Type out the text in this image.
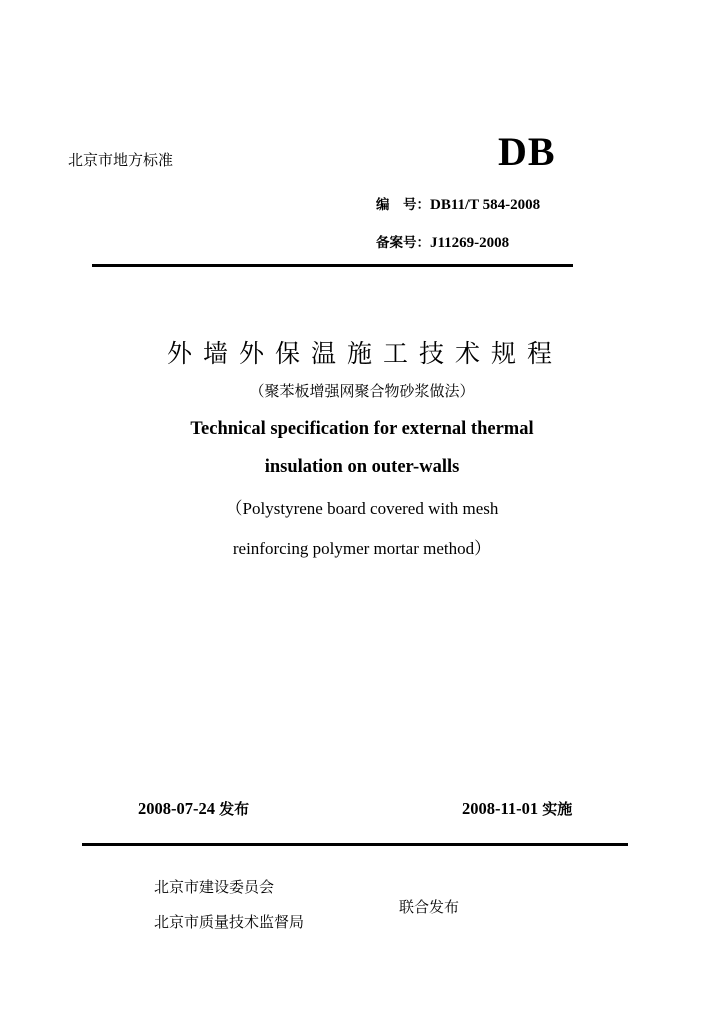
北京市地方标准	DB
编　号：DB11/T 584-2008
备案号：J11269-2008
外墙外保温施工技术规程
（聚苯板增强网聚合物砂浆做法）
Technical specification for external thermal
insulation on outer-walls
（Polystyrene board covered with mesh
reinforcing polymer mortar method）
2008-07-24 发布	2008-11-01 实施
北京市建设委员会
北京市质量技术监督局
联合发布
